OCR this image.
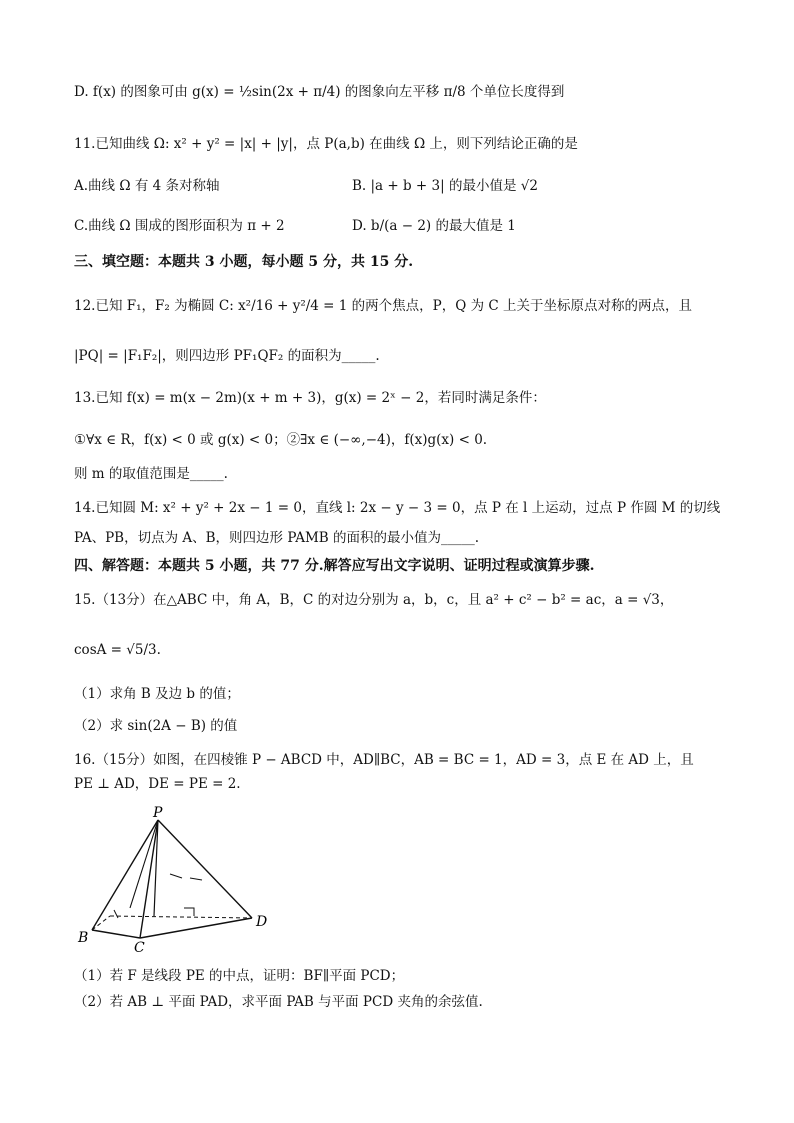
D. f(x) 的图象可由 g(x) = ½sin(2x + π/4) 的图象向左平移 π/8 个单位长度得到
11.已知曲线 Ω: x² + y² = |x| + |y|，点 P(a,b) 在曲线 Ω 上，则下列结论正确的是
A.曲线 Ω 有 4 条对称轴	B. |a + b + 3| 的最小值是 √2
C.曲线 Ω 围成的图形面积为 π + 2	D. b/(a − 2) 的最大值是 1
三、填空题：本题共 3 小题，每小题 5 分，共 15 分.
12.已知 F₁，F₂ 为椭圆 C: x²/16 + y²/4 = 1 的两个焦点，P，Q 为 C 上关于坐标原点对称的两点，且
|PQ| = |F₁F₂|，则四边形 PF₁QF₂ 的面积为_____.
13.已知 f(x) = m(x − 2m)(x + m + 3)，g(x) = 2ˣ − 2，若同时满足条件：
①∀x ∈ R，f(x) < 0 或 g(x) < 0；②∃x ∈ (−∞,−4)，f(x)g(x) < 0.
则 m 的取值范围是_____.
14.已知圆 M: x² + y² + 2x − 1 = 0，直线 l: 2x − y − 3 = 0，点 P 在 l 上运动，过点 P 作圆 M 的切线
PA、PB，切点为 A、B，则四边形 PAMB 的面积的最小值为_____.
四、解答题：本题共 5 小题，共 77 分.解答应写出文字说明、证明过程或演算步骤.
15.（13分）在△ABC 中，角 A，B，C 的对边分别为 a，b，c，且 a² + c² − b² = ac，a = √3，
cosA = √5/3.
（1）求角 B 及边 b 的值；
（2）求 sin(2A − B) 的值
16.（15分）如图，在四棱锥 P − ABCD 中，AD∥BC，AB = BC = 1，AD = 3，点 E 在 AD 上，且
PE ⊥ AD，DE = PE = 2.
P
B
C
D
（1）若 F 是线段 PE 的中点，证明：BF∥平面 PCD；
（2）若 AB ⊥ 平面 PAD，求平面 PAB 与平面 PCD 夹角的余弦值.
